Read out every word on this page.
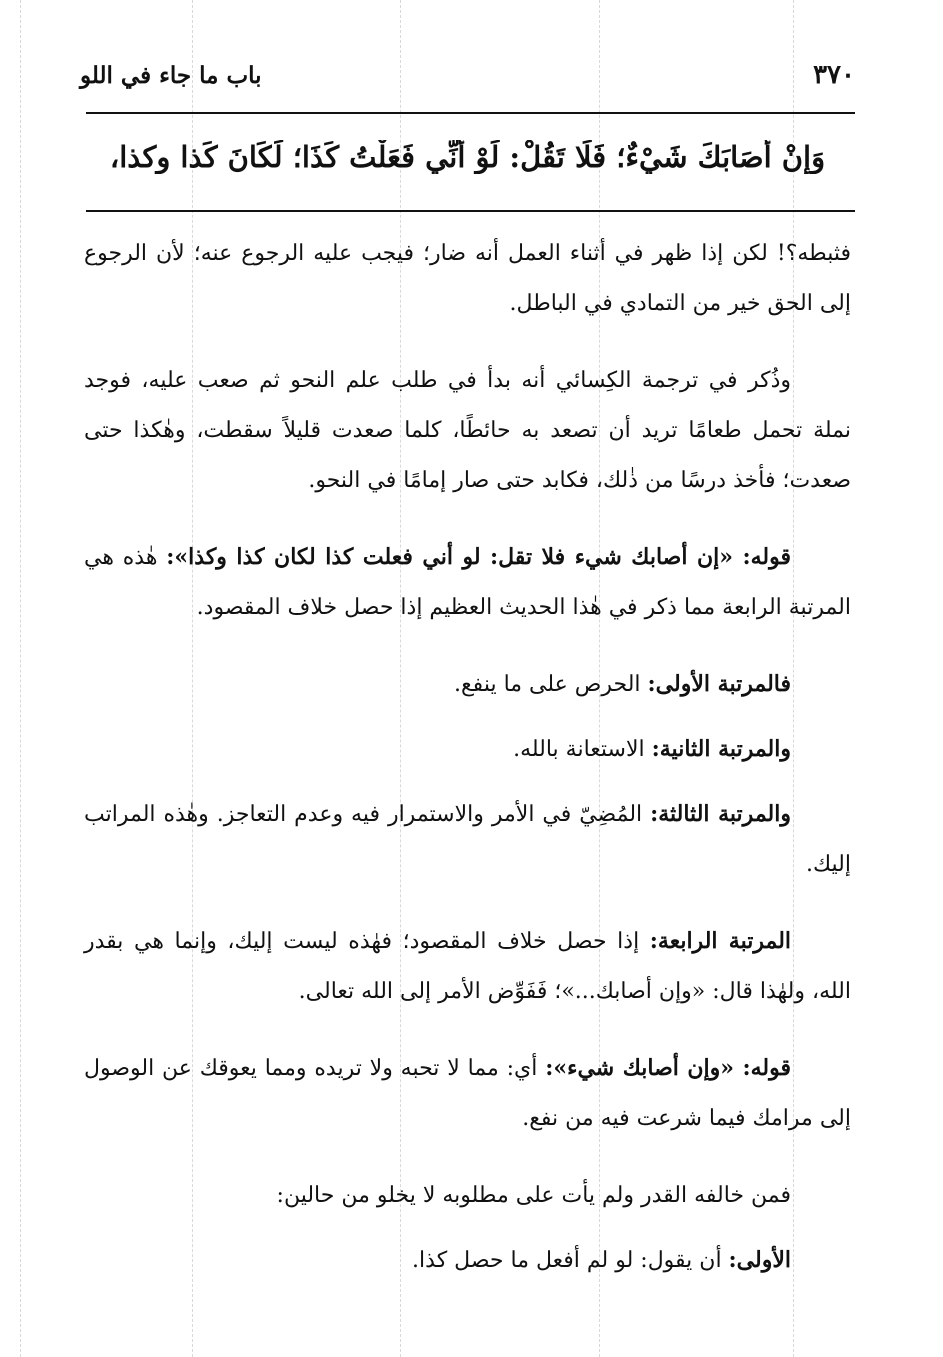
٣٧٠
باب ما جاء في اللو
وَإِنْ أَصَابَكَ شَيْءٌ؛ فَلَا تَقُلْ: لَوْ أَنِّي فَعَلْتُ كَذَا؛ لَكَانَ كَذا وكذا،

فثبطه؟! لكن إذا ظهر في أثناء العمل أنه ضار؛ فيجب عليه الرجوع عنه؛ لأن الرجوع إلى الحق خير من التمادي في الباطل.

وذُكر في ترجمة الكِسائي أنه بدأ في طلب علم النحو ثم صعب عليه، فوجد نملة تحمل طعامًا تريد أن تصعد به حائطًا، كلما صعدت قليلاً سقطت، وهٰكذا حتى صعدت؛ فأخذ درسًا من ذٰلك، فكابد حتى صار إمامًا في النحو.

قوله: «إن أصابك شيء فلا تقل: لو أني فعلت كذا لكان كذا وكذا»: هٰذه هي المرتبة الرابعة مما ذكر في هٰذا الحديث العظيم إذا حصل خلاف المقصود.

فالمرتبة الأولى: الحرص على ما ينفع.

والمرتبة الثانية: الاستعانة بالله.

والمرتبة الثالثة: المُضِيّ في الأمر والاستمرار فيه وعدم التعاجز. وهٰذه المراتب إليك.

المرتبة الرابعة: إذا حصل خلاف المقصود؛ فهٰذه ليست إليك، وإنما هي بقدر الله، ولهٰذا قال: «وإن أصابك...»؛ فَفَوِّض الأمر إلى الله تعالى.

قوله: «وإن أصابك شيء»: أي: مما لا تحبه ولا تريده ومما يعوقك عن الوصول إلى مرامك فيما شرعت فيه من نفع.

فمن خالفه القدر ولم يأت على مطلوبه لا يخلو من حالين:

الأولى: أن يقول: لو لم أفعل ما حصل كذا.
